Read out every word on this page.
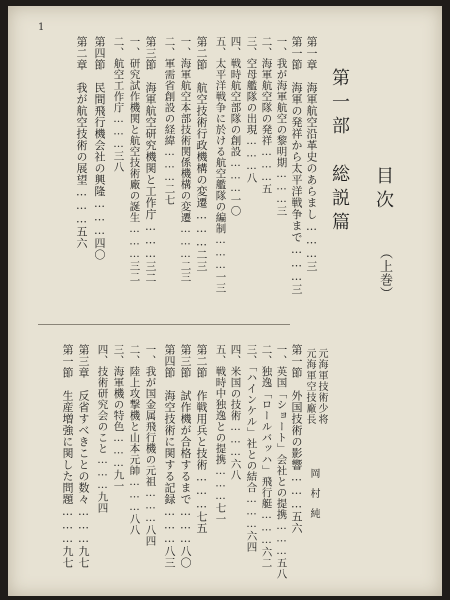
1
目次
（上巻）
第一部　総説篇
元海軍技術少将
元海軍空技廠長
岡村純
第一章　海軍航空沿革史のあらまし………三
第一節　海軍の発祥から太平洋戦争まで………三
一、我が海軍航空の黎明期………三
二、海軍航空隊の発祥………五
三、空母艦隊の出現………八
四、戦時航空部隊の創設………一〇
五、太平洋戦争に於ける航空艦隊の編制………一三
第二節　航空技術行政機構の変遷………二三
一、海軍航空本部技術関係機構の変遷………二三
二、軍需省創設の経緯………二七
第三節　海軍航空研究機関と工作庁………三二
一、研究試作機関と航空技術廠の誕生………三二
二、航空工作庁………三八
第四節　民間飛行機会社の興隆………四〇
第二章　我が航空技術の展望………五六
第一節　外国技術の影響………五六
一、英国「ショート」会社との提携………五八
二、独逸「ロールバッハ」飛行艇………六二
三、「ハインケル」社との結合………六四
四、米国の技術………六八
五、戦時中独逸との提携………七一
第二節　作戦用兵と技術………七五
第三節　試作機が合格するまで………八〇
第四節　海空技術に関する記録………八三
一、我が国金属飛行機の元祖………八四
二、陸上攻撃機と山本元帥………八八
三、海軍機の特色………九一
四、技術研究会のこと………九四
第三章　反省すべきことの数々………九七
第一節　生産増強に関した問題………九七
